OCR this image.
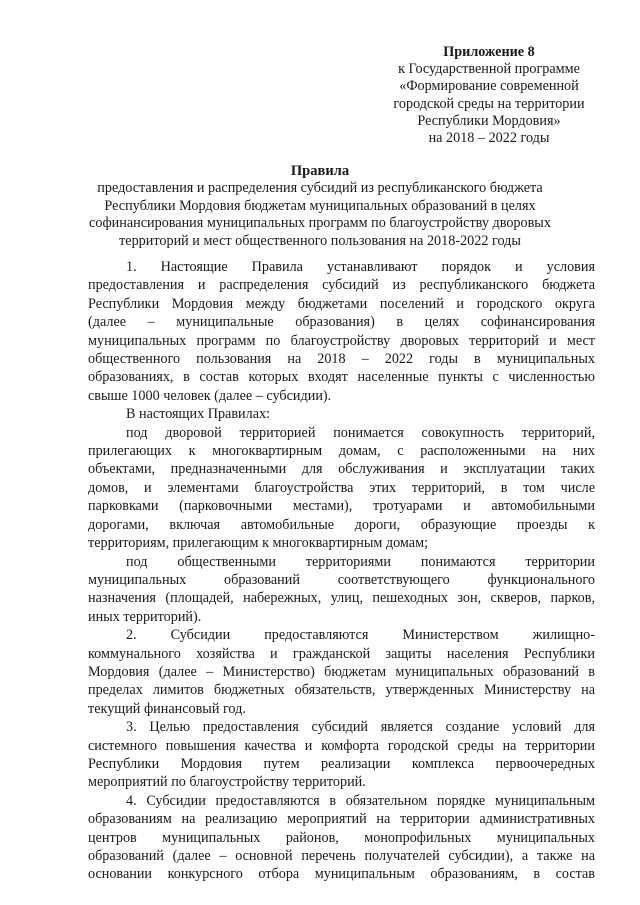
Приложение 8
к Государственной программе
«Формирование современной
городской среды на территории
Республики Мордовия»
на 2018 – 2022 годы
Правила
предоставления и распределения субсидий из республиканского бюджета
Республики Мордовия бюджетам муниципальных образований в целях
софинансирования муниципальных программ по благоустройству дворовых
территорий и мест общественного пользования на 2018-2022 годы
1. Настоящие Правила устанавливают порядок и условия
предоставления и распределения субсидий из республиканского бюджета
Республики Мордовия между бюджетами поселений и городского округа
(далее – муниципальные образования) в целях софинансирования
муниципальных программ по благоустройству дворовых территорий и мест
общественного пользования на 2018 – 2022 годы в муниципальных
образованиях, в состав которых входят населенные пункты с численностью
свыше 1000 человек (далее – субсидии).
В настоящих Правилах:
под дворовой территорией понимается совокупность территорий,
прилегающих к многоквартирным домам, с расположенными на них
объектами, предназначенными для обслуживания и эксплуатации таких
домов, и элементами благоустройства этих территорий, в том числе
парковками (парковочными местами), тротуарами и автомобильными
дорогами, включая автомобильные дороги, образующие проезды к
территориям, прилегающим к многоквартирным домам;
под общественными территориями понимаются территории
муниципальных образований соответствующего функционального
назначения (площадей, набережных, улиц, пешеходных зон, скверов, парков,
иных территорий).
2. Субсидии предоставляются Министерством жилищно-
коммунального хозяйства и гражданской защиты населения Республики
Мордовия (далее – Министерство) бюджетам муниципальных образований в
пределах лимитов бюджетных обязательств, утвержденных Министерству на
текущий финансовый год.
3. Целью предоставления субсидий является создание условий для
системного повышения качества и комфорта городской среды на территории
Республики Мордовия путем реализации комплекса первоочередных
мероприятий по благоустройству территорий.
4. Субсидии предоставляются в обязательном порядке муниципальным
образованиям на реализацию мероприятий на территории административных
центров муниципальных районов, монопрофильных муниципальных
образований (далее – основной перечень получателей субсидии), а также на
основании конкурсного отбора муниципальным образованиям, в состав
